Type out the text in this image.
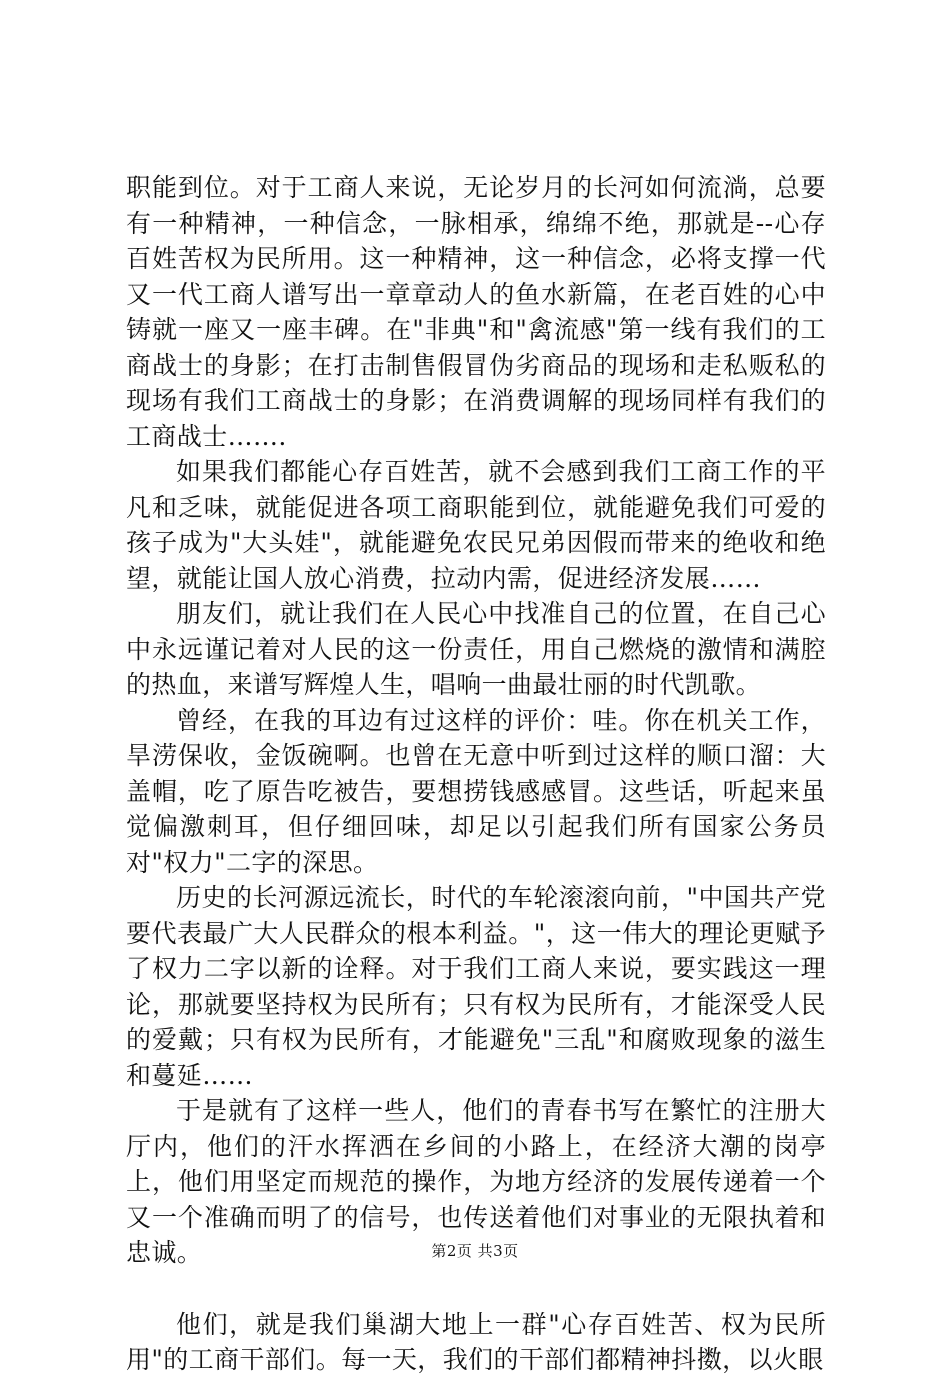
职能到位。对于工商人来说，无论岁月的长河如何流淌，总要有一种精神，一种信念，一脉相承，绵绵不绝，那就是--心存百姓苦权为民所用。这一种精神，这一种信念，必将支撑一代又一代工商人谱写出一章章动人的鱼水新篇，在老百姓的心中铸就一座又一座丰碑。在"非典"和"禽流感"第一线有我们的工商战士的身影；在打击制售假冒伪劣商品的现场和走私贩私的现场有我们工商战士的身影；在消费调解的现场同样有我们的工商战士…….

如果我们都能心存百姓苦，就不会感到我们工商工作的平凡和乏味，就能促进各项工商职能到位，就能避免我们可爱的孩子成为"大头娃"，就能避免农民兄弟因假而带来的绝收和绝望，就能让国人放心消费，拉动内需，促进经济发展……

朋友们，就让我们在人民心中找准自己的位置，在自己心中永远谨记着对人民的这一份责任，用自己燃烧的激情和满腔的热血，来谱写辉煌人生，唱响一曲最壮丽的时代凯歌。

曾经，在我的耳边有过这样的评价：哇。你在机关工作，旱涝保收，金饭碗啊。也曾在无意中听到过这样的顺口溜：大盖帽，吃了原告吃被告，要想捞钱感感冒。这些话，听起来虽觉偏激刺耳，但仔细回味，却足以引起我们所有国家公务员对"权力"二字的深思。

历史的长河源远流长，时代的车轮滚滚向前，"中国共产党要代表最广大人民群众的根本利益。"，这一伟大的理论更赋予了权力二字以新的诠释。对于我们工商人来说，要实践这一理论，那就要坚持权为民所有；只有权为民所有，才能深受人民的爱戴；只有权为民所有，才能避免"三乱"和腐败现象的滋生和蔓延……

于是就有了这样一些人，他们的青春书写在繁忙的注册大厅内，他们的汗水挥洒在乡间的小路上，在经济大潮的岗亭上，他们用坚定而规范的操作，为地方经济的发展传递着一个又一个准确而明了的信号，也传送着他们对事业的无限执着和忠诚。

他们，就是我们巢湖大地上一群"心存百姓苦、权为民所用"的工商干部们。每一天，我们的干部们都精神抖擞，以火眼

第2页 共3页
